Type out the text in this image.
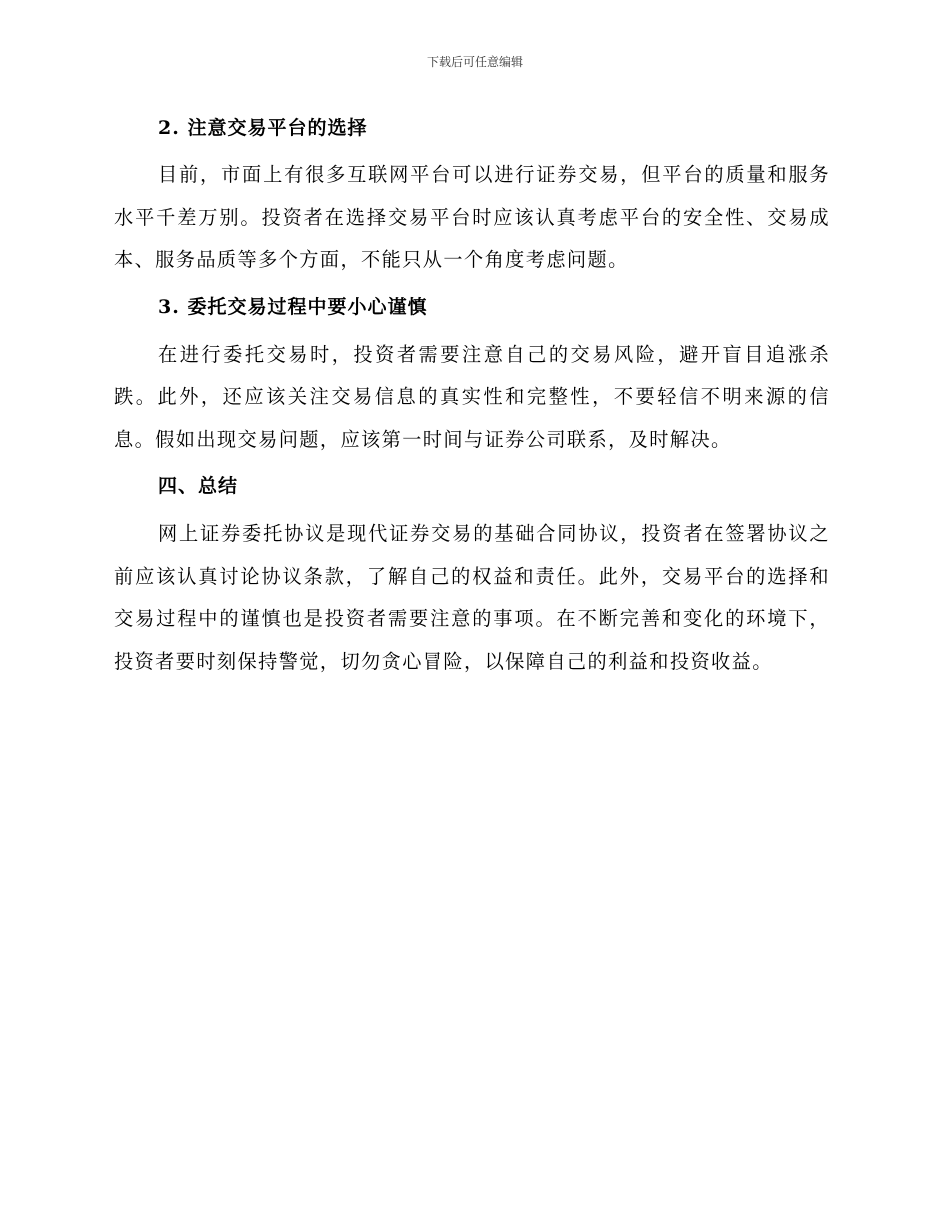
下载后可任意编辑
2. 注意交易平台的选择

目前，市面上有很多互联网平台可以进行证券交易，但平台的质量和服务水平千差万别。投资者在选择交易平台时应该认真考虑平台的安全性、交易成本、服务品质等多个方面，不能只从一个角度考虑问题。

3. 委托交易过程中要小心谨慎

在进行委托交易时，投资者需要注意自己的交易风险，避开盲目追涨杀跌。此外，还应该关注交易信息的真实性和完整性，不要轻信不明来源的信息。假如出现交易问题，应该第一时间与证券公司联系，及时解决。

四、总结

网上证券委托协议是现代证券交易的基础合同协议，投资者在签署协议之前应该认真讨论协议条款，了解自己的权益和责任。此外，交易平台的选择和交易过程中的谨慎也是投资者需要注意的事项。在不断完善和变化的环境下，投资者要时刻保持警觉，切勿贪心冒险，以保障自己的利益和投资收益。
